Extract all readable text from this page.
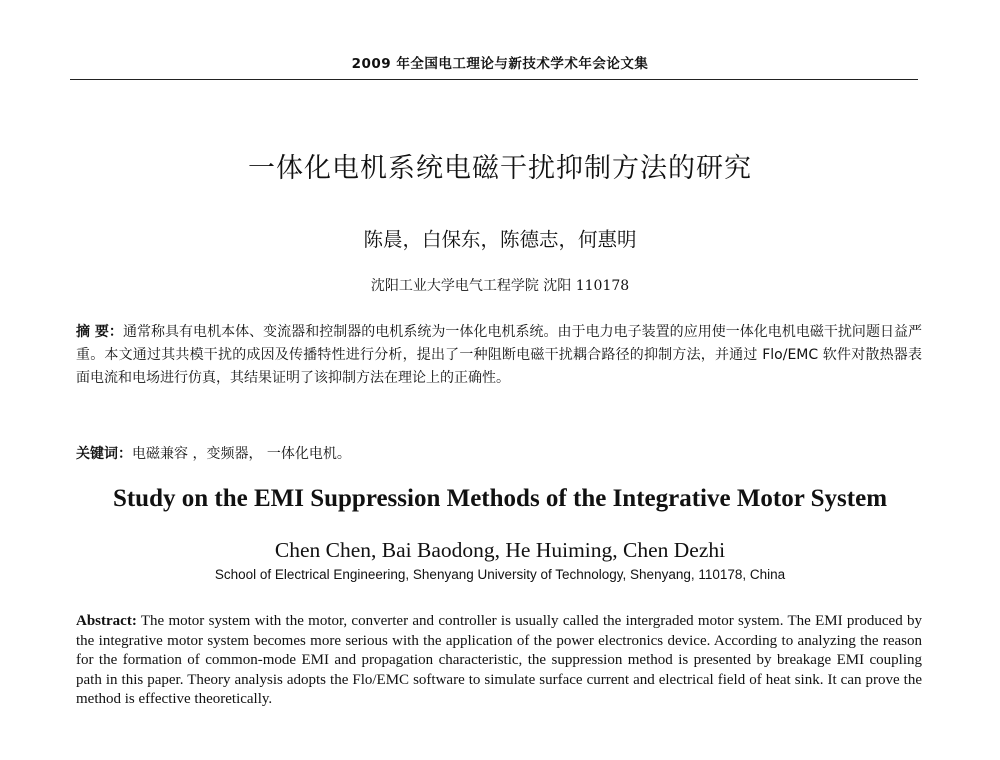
2009 年全国电工理论与新技术学术年会论文集
一体化电机系统电磁干扰抑制方法的研究
陈晨，白保东，陈德志，何惠明
沈阳工业大学电气工程学院 沈阳 110178
摘 要：通常称具有电机本体、变流器和控制器的电机系统为一体化电机系统。由于电力电子装置的应用使一体化电机电磁干扰问题日益严重。本文通过其共模干扰的成因及传播特性进行分析，提出了一种阻断电磁干扰耦合路径的抑制方法，并通过 Flo/EMC 软件对散热器表面电流和电场进行仿真，其结果证明了该抑制方法在理论上的正确性。
关键词：电磁兼容 ，变频器， 一体化电机。
Study on the EMI Suppression Methods of the Integrative Motor System
Chen Chen, Bai Baodong, He Huiming, Chen Dezhi
School of Electrical Engineering, Shenyang University of Technology, Shenyang, 110178, China
Abstract: The motor system with the motor, converter and controller is usually called the intergraded motor system. The EMI produced by the integrative motor system becomes more serious with the application of the power electronics device. According to analyzing the reason for the formation of common-mode EMI and propagation characteristic, the suppression method is presented by breakage EMI coupling path in this paper. Theory analysis adopts the Flo/EMC software to simulate surface current and electrical field of heat sink. It can prove the method is effective theoretically.
